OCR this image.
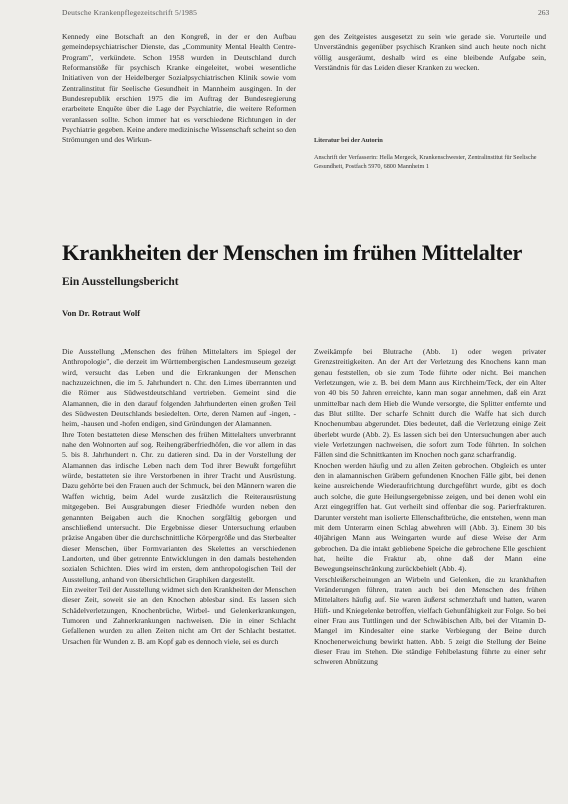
Deutsche Krankenpflegezeitschrift 5/1985	263

Kennedy eine Botschaft an den Kongreß, in der er den Aufbau gemeindepsychiatrischer Dienste, das „Community Mental Health Centre-Program", verkündete. Schon 1958 wurden in Deutschland durch Reformanstöße für psychisch Kranke eingeleitet, wobei wesentliche Initiativen von der Heidelberger Sozialpsychiatrischen Klinik sowie vom Zentralinstitut für Seelische Gesundheit in Mannheim ausgingen. In der Bundesrepublik erschien 1975 die im Auftrag der Bundesregierung erarbeitete Enquête über die Lage der Psychiatrie, die weitere Reformen veranlassen sollte. Schon immer hat es verschiedene Richtungen in der Psychiatrie gegeben. Keine andere medizinische Wissenschaft scheint so den Strömungen und des Wirkun-

gen des Zeitgeistes ausgesetzt zu sein wie gerade sie. Vorurteile und Unverständnis gegenüber psychisch Kranken sind auch heute noch nicht völlig ausgeräumt, deshalb wird es eine bleibende Aufgabe sein, Verständnis für das Leiden dieser Kranken zu wecken.

Literatur bei der Autorin
Anschrift der Verfasserin: Hella Mergeck, Krankenschwester, Zentralinstitut für Seelische Gesundheit, Postfach 5970, 6800 Mannheim 1
Krankheiten der Menschen im frühen Mittelalter
Ein Ausstellungsbericht
Von Dr. Rotraut Wolf

Die Ausstellung „Menschen des frühen Mittelalters im Spiegel der Anthropologie", die derzeit im Württembergischen Landesmuseum gezeigt wird, versucht das Leben und die Erkrankungen der Menschen nachzuzeichnen, die im 5. Jahrhundert n. Chr. den Limes überrannten und die Römer aus Südwestdeutschland vertrieben. Gemeint sind die Alamannen, die in den darauf folgenden Jahrhunderten einen großen Teil des Südwesten Deutschlands besiedelten. Orte, deren Namen auf -ingen, -heim, -hausen und -hofen endigen, sind Gründungen der Alamannen.

Ihre Toten bestatteten diese Menschen des frühen Mittelalters unverbrannt nahe den Wohnorten auf sog. Reihengräberfriedhöfen, die vor allem in das 5. bis 8. Jahrhundert n. Chr. zu datieren sind. Da in der Vorstellung der Alamannen das irdische Leben nach dem Tod ihrer Bewußt fortgeführt würde, bestatteten sie ihre Verstorbenen in ihrer Tracht und Ausrüstung. Dazu gehörte bei den Frauen auch der Schmuck, bei den Männern waren die Waffen wichtig, beim Adel wurde zusätzlich die Reiterausrüstung mitgegeben. Bei Ausgrabungen dieser Friedhöfe wurden neben den genannten Beigaben auch die Knochen sorgfältig geborgen und anschließend untersucht. Die Ergebnisse dieser Untersuchung erlauben präzise Angaben über die durchschnittliche Körpergröße und das Sterbealter dieser Menschen, über Formvarianten des Skelettes an verschiedenen Landorten, und über getrennte Entwicklungen in den damals bestehenden sozialen Schichten. Dies wird im ersten, dem anthropologischen Teil der Ausstellung, anhand von übersichtlichen Graphiken dargestellt.

Ein zweiter Teil der Ausstellung widmet sich den Krankheiten der Menschen dieser Zeit, soweit sie an den Knochen ablesbar sind. Es lassen sich Schädelverletzungen, Knochenbrüche, Wirbel- und Gelenkerkrankungen, Tumoren und Zahnerkrankungen nachweisen. Die in einer Schlacht Gefallenen wurden zu allen Zeiten nicht am Ort der Schlacht bestattet. Ursachen für Wunden z. B. am Kopf gab es dennoch viele, sei es durch

Zweikämpfe bei Blutrache (Abb. 1) oder wegen privater Grenzstreitigkeiten. An der Art der Verletzung des Knochens kann man genau feststellen, ob sie zum Tode führte oder nicht. Bei manchen Verletzungen, wie z. B. bei dem Mann aus Kirchheim/Teck, der ein Alter von 40 bis 50 Jahren erreichte, kann man sogar annehmen, daß ein Arzt unmittelbar nach dem Hieb die Wunde versorgte, die Splitter entfernte und das Blut stillte. Der scharfe Schnitt durch die Waffe hat sich durch Knochenumbau abgerundet. Dies bedeutet, daß die Verletzung einige Zeit überlebt wurde (Abb. 2). Es lassen sich bei den Untersuchungen aber auch viele Verletzungen nachweisen, die sofort zum Tode führten. In solchen Fällen sind die Schnittkanten im Knochen noch ganz scharfrandig.

Knochen werden häufig und zu allen Zeiten gebrochen. Obgleich es unter den in alamannischen Gräbern gefundenen Knochen Fälle gibt, bei denen keine ausreichende Wiederaufrichtung durchgeführt wurde, gibt es doch auch solche, die gute Heilungsergebnisse zeigen, und bei denen wohl ein Arzt eingegriffen hat. Gut verheilt sind offenbar die sog. Parierfrakturen. Darunter versteht man isolierte Ellenschaftbrüche, die entstehen, wenn man mit dem Unterarm einen Schlag abwehren will (Abb. 3). Einem 30 bis 40jährigen Mann aus Weingarten wurde auf diese Weise der Arm gebrochen. Da die intakt gebliebene Speiche die gebrochene Elle geschient hat, heilte die Fraktur ab, ohne daß der Mann eine Bewegungseinschränkung zurückbehielt (Abb. 4).

Verschleißerscheinungen an Wirbeln und Gelenken, die zu krankhaften Veränderungen führen, traten auch bei den Menschen des frühen Mittelalters häufig auf. Sie waren äußerst schmerzhaft und hatten, waren Hüft- und Kniegelenke betroffen, vielfach Gehunfähigkeit zur Folge. So bei einer Frau aus Tuttlingen und der Schwäbischen Alb, bei der Vitamin D-Mangel im Kindesalter eine starke Verbiegung der Beine durch Knochenerweichung bewirkt hatten. Abb. 5 zeigt die Stellung der Beine dieser Frau im Stehen. Die ständige Fehlbelastung führte zu einer sehr schweren Abnützung
